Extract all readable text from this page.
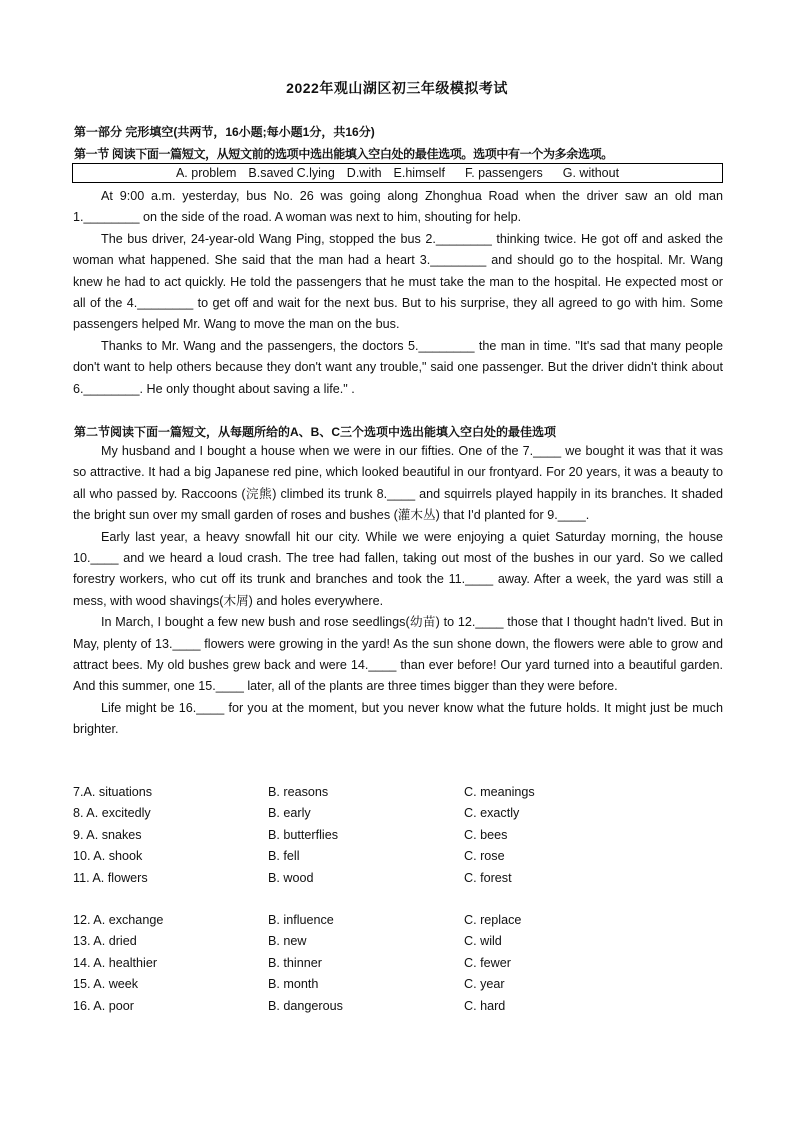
2022年观山湖区初三年级模拟考试
第一部分 完形填空(共两节，16小题;每小题1分，共16分)
第一节 阅读下面一篇短文，从短文前的选项中选出能填入空白处的最佳选项。选项中有一个为多余选项。
A. problem B.saved C.lying D.with E.himself F. passengers G. without

At 9:00 a.m. yesterday, bus No. 26 was going along Zhonghua Road when the driver saw an old man 1.________ on the side of the road. A woman was next to him, shouting for help.

The bus driver, 24-year-old Wang Ping, stopped the bus 2.________ thinking twice. He got off and asked the woman what happened. She said that the man had a heart 3.________ and should go to the hospital. Mr. Wang knew he had to act quickly. He told the passengers that he must take the man to the hospital. He expected most or all of the 4.________ to get off and wait for the next bus. But to his surprise, they all agreed to go with him. Some passengers helped Mr. Wang to move the man on the bus.

Thanks to Mr. Wang and the passengers, the doctors 5.________ the man in time. "It's sad that many people don't want to help others because they don't want any trouble," said one passenger. But the driver didn't think about 6.________. He only thought about saving a life." .

第二节阅读下面一篇短文，从每题所给的A、B、C三个选项中选出能填入空白处的最佳选项

My husband and I bought a house when we were in our fifties. One of the 7.____ we bought it was that it was so attractive. It had a big Japanese red pine, which looked beautiful in our frontyard. For 20 years, it was a beauty to all who passed by. Raccoons (浣熊) climbed its trunk 8.____ and squirrels played happily in its branches. It shaded the bright sun over my small garden of roses and bushes (灌木丛) that I'd planted for 9.____.

Early last year, a heavy snowfall hit our city. While we were enjoying a quiet Saturday morning, the house 10.____ and we heard a loud crash. The tree had fallen, taking out most of the bushes in our yard. So we called forestry workers, who cut off its trunk and branches and took the 11.____ away. After a week, the yard was still a mess, with wood shavings(木屑) and holes everywhere.

In March, I bought a few new bush and rose seedlings(幼苗) to 12.____ those that I thought hadn't lived. But in May, plenty of 13.____ flowers were growing in the yard! As the sun shone down, the flowers were able to grow and attract bees. My old bushes grew back and were 14.____ than ever before! Our yard turned into a beautiful garden. And this summer, one 15.____ later, all of the plants are three times bigger than they were before.

Life might be 16.____ for you at the moment, but you never know what the future holds. It might just be much brighter.

7.A. situations	B. reasons	C. meanings
8. A. excitedly	B. early	C. exactly
9. A. snakes	B. butterflies	C. bees
10. A. shook	B. fell	C. rose
11. A. flowers	B. wood	C. forest
12. A. exchange	B. influence	C. replace
13. A. dried	B. new	C. wild
14. A. healthier	B. thinner	C. fewer
15. A. week	B. month	C. year
16. A. poor	B. dangerous	C. hard
